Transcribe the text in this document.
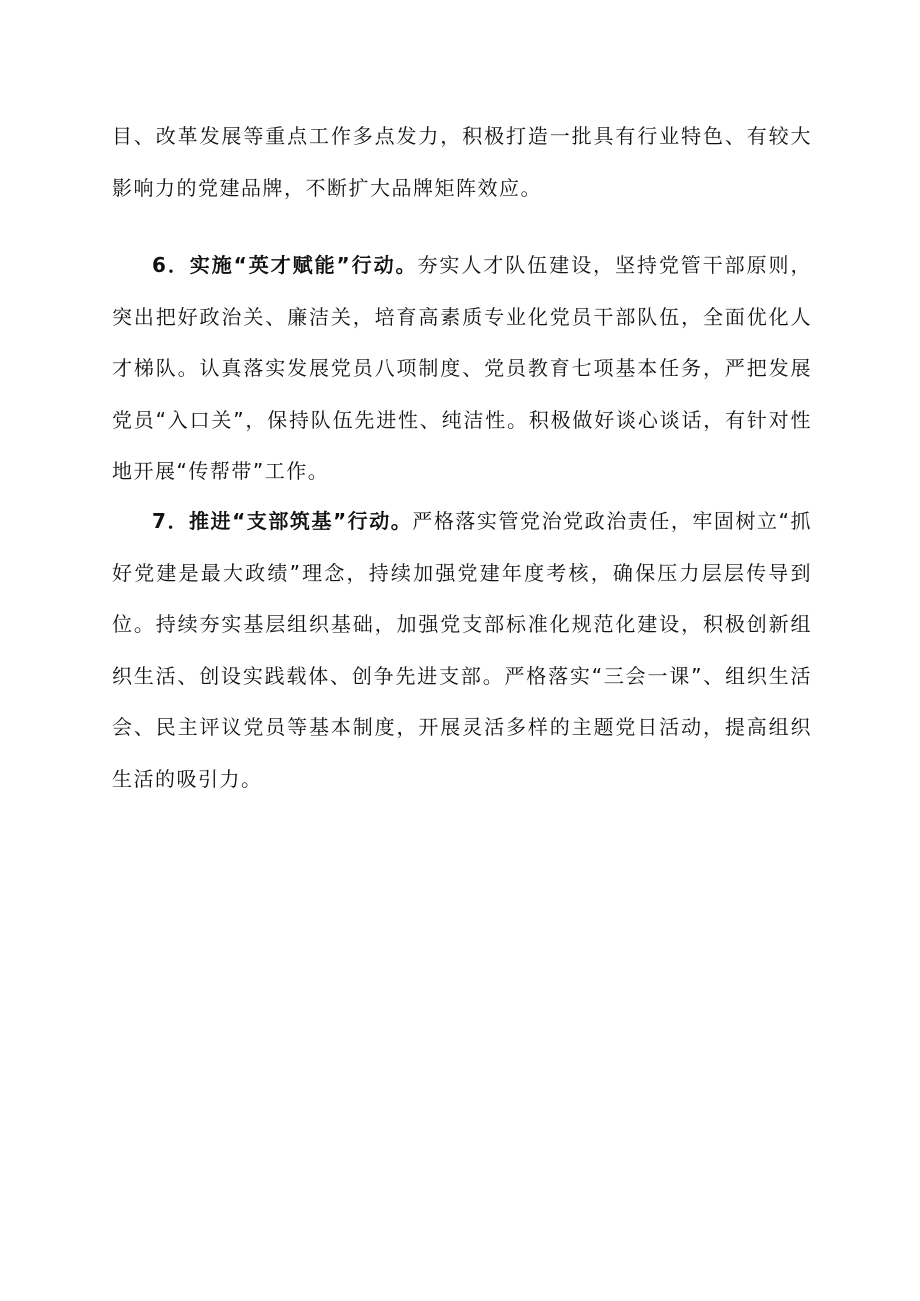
目、改革发展等重点工作多点发力，积极打造一批具有行业特色、有较大影响力的党建品牌，不断扩大品牌矩阵效应。

6．实施“英才赋能”行动。夯实人才队伍建设，坚持党管干部原则，突出把好政治关、廉洁关，培育高素质专业化党员干部队伍，全面优化人才梯队。认真落实发展党员八项制度、党员教育七项基本任务，严把发展党员“入口关”，保持队伍先进性、纯洁性。积极做好谈心谈话，有针对性地开展“传帮带”工作。

7．推进“支部筑基”行动。严格落实管党治党政治责任，牢固树立“抓好党建是最大政绩”理念，持续加强党建年度考核，确保压力层层传导到位。持续夯实基层组织基础，加强党支部标准化规范化建设，积极创新组织生活、创设实践载体、创争先进支部。严格落实“三会一课”、组织生活会、民主评议党员等基本制度，开展灵活多样的主题党日活动，提高组织生活的吸引力。
